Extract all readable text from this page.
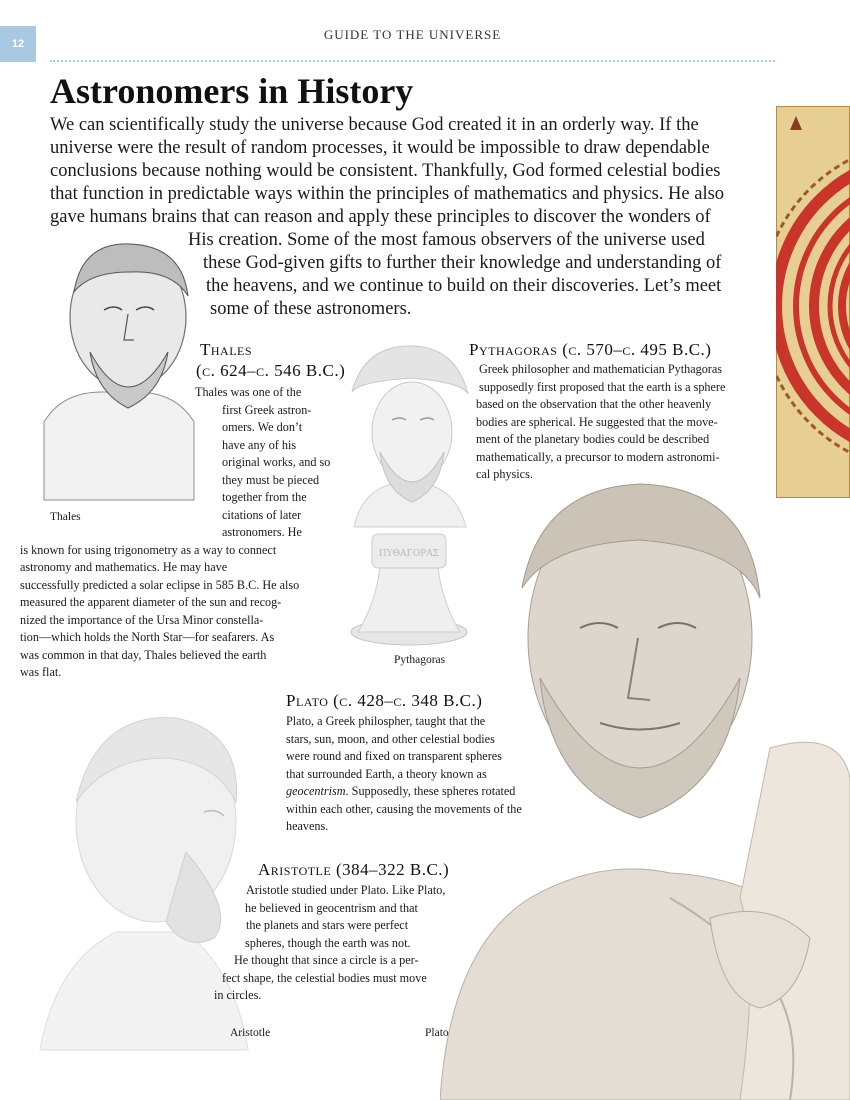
12
GUIDE TO THE UNIVERSE
Astronomers in History
We can scientifically study the universe because God created it in an orderly way. If the
universe were the result of random processes, it would be impossible to draw dependable
conclusions because nothing would be consistent. Thankfully, God formed celestial bodies
that function in predictable ways within the principles of mathematics and physics. He also
gave humans brains that can reason and apply these principles to discover the wonders of
His creation. Some of the most famous observers of the universe used
these God-given gifts to further their knowledge and understanding of
the heavens, and we continue to build on their discoveries. Let’s meet
some of these astronomers.
Thales
Thales
(c. 624–c. 546 B.C.)
Thales was one of the
first Greek astron-
omers. We don’t
have any of his
original works, and so
they must be pieced
together from the
citations of later
astronomers. He
is known for using trigonometry as a way to connect
astronomy and mathematics. He may have
successfully predicted a solar eclipse in 585 B.C. He also
measured the apparent diameter of the sun and recog-
nized the importance of the Ursa Minor constella-
tion—which holds the North Star—for seafarers. As
was common in that day, Thales believed the earth
was flat.
ΠΥΘΑΓΟΡΑΣ
Pythagoras
Pythagoras (c. 570–c. 495 B.C.)
Greek philosopher and mathematician Pythagoras
supposedly first proposed that the earth is a sphere
based on the observation that the other heavenly
bodies are spherical. He suggested that the move-
ment of the planetary bodies could be described
mathematically, a precursor to modern astronomi-
cal physics.
Plato
Plato (c. 428–c. 348 B.C.)
Plato, a Greek philospher, taught that the
stars, sun, moon, and other celestial bodies
were round and fixed on transparent spheres
that surrounded Earth, a theory known as
geocentrism. Supposedly, these spheres rotated
within each other, causing the movements of the
heavens.
Aristotle
Aristotle (384–322 B.C.)
Aristotle studied under Plato. Like Plato,
he believed in geocentrism and that
the planets and stars were perfect
spheres, though the earth was not.
He thought that since a circle is a per-
fect shape, the celestial bodies must move
in circles.
